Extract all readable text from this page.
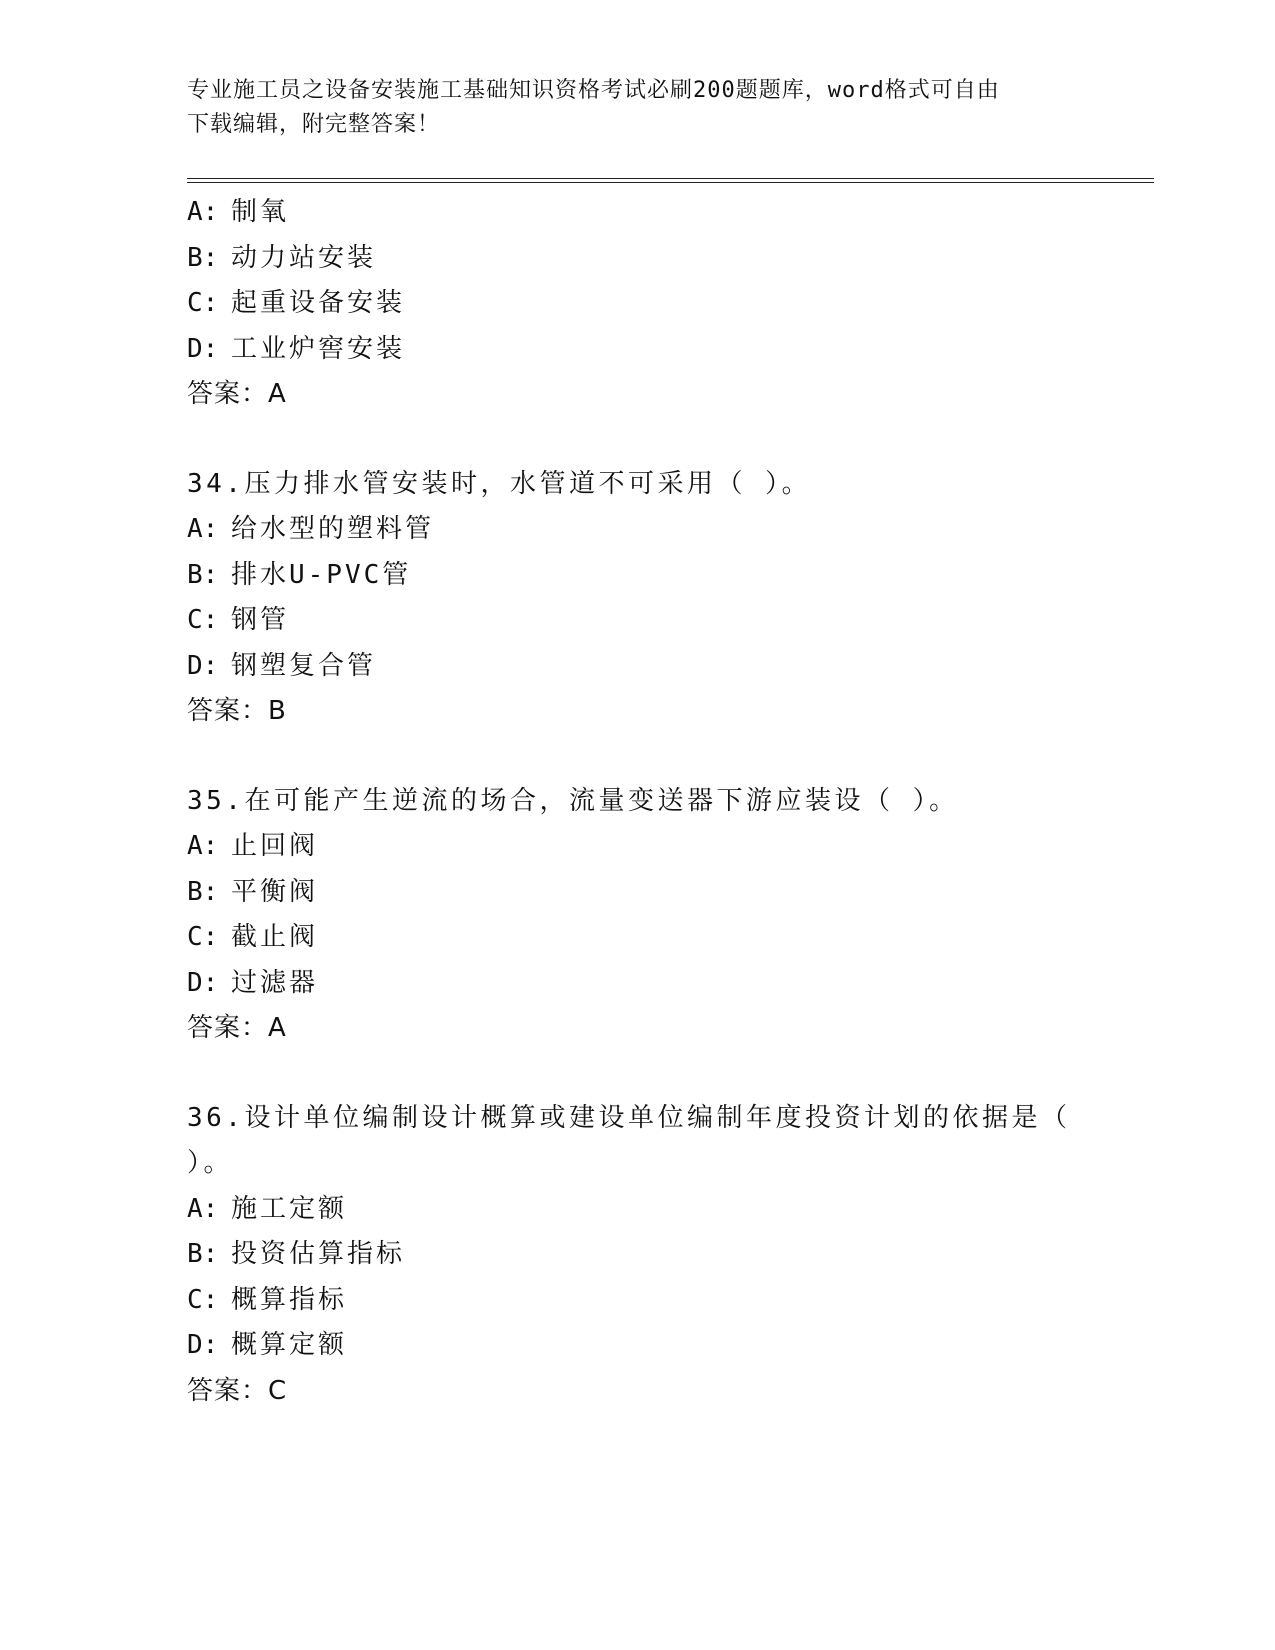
专业施工员之设备安装施工基础知识资格考试必刷200题题库，word格式可自由
下载编辑，附完整答案！
A: 制氧
B: 动力站安装
C: 起重设备安装
D: 工业炉窖安装
答案：A
34.压力排水管安装时，水管道不可采用（ ）。
A: 给水型的塑料管
B: 排水U-PVC管
C: 钢管
D: 钢塑复合管
答案：B
35.在可能产生逆流的场合，流量变送器下游应装设（ ）。
A: 止回阀
B: 平衡阀
C: 截止阀
D: 过滤器
答案：A
36.设计单位编制设计概算或建设单位编制年度投资计划的依据是（
）。
A: 施工定额
B: 投资估算指标
C: 概算指标
D: 概算定额
答案：C
